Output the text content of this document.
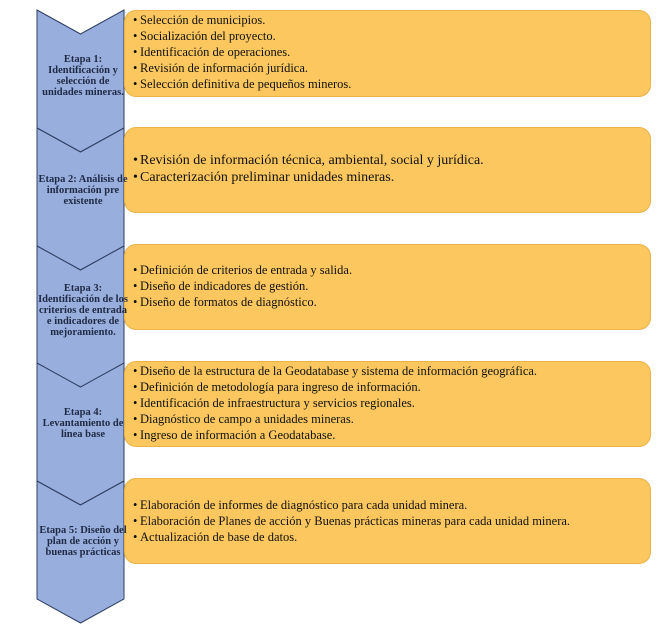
Etapa 1: Identificación y selección de unidades mineras.
• Selección de municipios.
• Socialización del proyecto.
• Identificación de operaciones.
• Revisión de información jurídica.
• Selección definitiva de pequeños mineros.
Etapa 2: Análisis de información pre existente
• Revisión de información técnica, ambiental, social y jurídica.
• Caracterización preliminar unidades mineras.
Etapa 3: Identificación de los criterios de entrada e indicadores de mejoramiento.
• Definición de criterios de entrada y salida.
• Diseño de indicadores de gestión.
• Diseño de formatos de diagnóstico.
Etapa 4: Levantamiento de línea base
• Diseño de la estructura de la Geodatabase y sistema de información geográfica.
• Definición de metodología para ingreso de información.
• Identificación de infraestructura y servicios regionales.
• Diagnóstico de campo a unidades mineras.
• Ingreso de información a Geodatabase.
Etapa 5: Diseño del plan de acción y buenas prácticas
• Elaboración de informes de diagnóstico para cada unidad minera.
• Elaboración de Planes de acción y Buenas prácticas mineras para cada unidad minera.
• Actualización de base de datos.
